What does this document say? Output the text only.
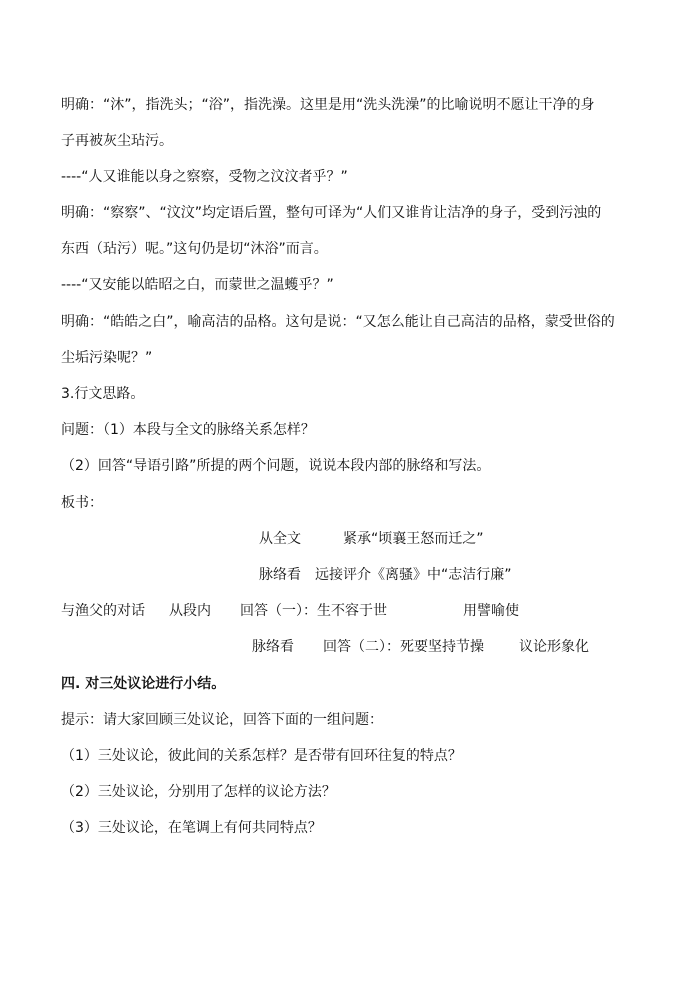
明确：“沐”，指洗头；“浴”，指洗澡。这里是用“洗头洗澡”的比喻说明不愿让干净的身
子再被灰尘玷污。
----“人又谁能以身之察察，受物之汶汶者乎？”
明确：“察察”、“汶汶”均定语后置，整句可译为“人们又谁肯让洁净的身子，受到污浊的
东西（玷污）呢。”这句仍是切“沐浴”而言。
----“又安能以皓昭之白，而蒙世之温蠖乎？”
明确：“皓皓之白”，喻高洁的品格。这句是说：“又怎么能让自己高洁的品格，蒙受世俗的
尘垢污染呢？”
3.行文思路。
问题：（1）本段与全文的脉络关系怎样？
（2）回答“导语引路”所提的两个问题，说说本段内部的脉络和写法。
板书：
从全文	紧承“顷襄王怒而迁之”
脉络看 远接评介《离骚》中“志洁行廉”
与渔父的对话 从段内 回答（一）：生不容于世	用譬喻使
脉络看 回答（二）：死要坚持节操	议论形象化
四. 对三处议论进行小结。
提示：请大家回顾三处议论，回答下面的一组问题：
（1）三处议论，彼此间的关系怎样？是否带有回环往复的特点？
（2）三处议论，分别用了怎样的议论方法？
（3）三处议论，在笔调上有何共同特点？
